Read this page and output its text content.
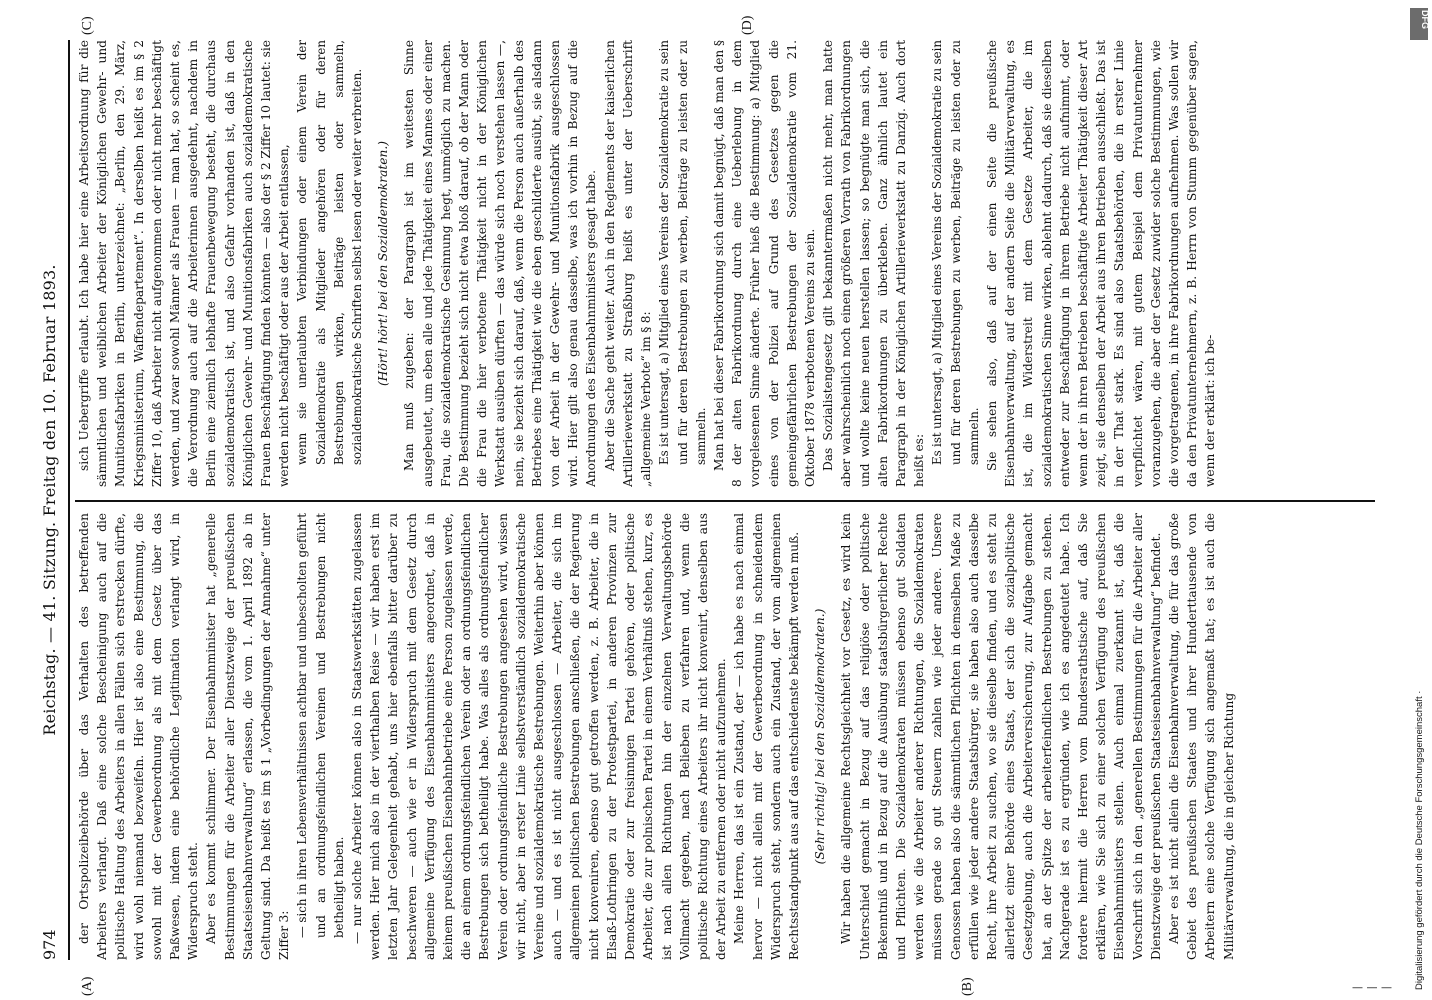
974
Reichstag. — 41. Sitzung. Freitag den 10. Februar 1893.
(A)	(B)
(C)	(D)

der Ortspolizeibehörde über das Verhalten des betreffenden Arbeiters verlangt. Daß eine solche Bescheinigung auch auf die politische Haltung des Arbeiters in allen Fällen sich erstrecken dürfte, wird wohl niemand bezweifeln. Hier ist also eine Bestimmung, die sowohl mit der Gewerbeordnung als mit dem Gesetz über das Paßwesen, indem eine behördliche Legitimation verlangt wird, in Widerspruch steht. Aber es kommt schlimmer. Der Eisenbahnminister hat „generelle Bestimmungen für die Arbeiter aller Dienstzweige der preußischen Staatseisenbahnverwaltung“ erlassen, die vom 1. April 1892 ab in Geltung sind. Da heißt es im § 1 „Vorbedingungen der Annahme“ unter Ziffer 3: — sich in ihren Lebensverhältnissen achtbar und unbescholten geführt und an ordnungsfeindlichen Vereinen und Bestrebungen nicht betheiligt haben. — nur solche Arbeiter können also in Staatswerkstätten zugelassen werden. Hier mich also in der vierthalben Reise — wir haben erst im letzten Jahr Gelegenheit gehabt, uns hier ebenfalls bitter darüber zu beschweren — auch wie er in Widerspruch mit dem Gesetz durch allgemeine Verfügung des Eisenbahnministers angeordnet, daß in keinem preußischen Eisenbahnbetriebe eine Person zugelassen werde, die an einem ordnungsfeindlichen Verein oder an ordnungsfeindlichen Bestrebungen sich betheiligt habe. Was alles als ordnungsfeindlicher Verein oder ordnungsfeindliche Bestrebungen angesehen wird, wissen wir nicht, aber in erster Linie selbstverständlich sozialdemokratische Vereine und sozialdemokratische Bestrebungen. Weiterhin aber können auch — und es ist nicht ausgeschlossen — Arbeiter, die sich im allgemeinen politischen Bestrebungen anschließen, die der Regierung nicht konveniren, ebenso gut getroffen werden, z. B. Arbeiter, die in Elsaß-Lothringen zu der Protestpartei, in anderen Provinzen zur Demokratie oder zur freisinnigen Partei gehören, oder politische Arbeiter, die zur polnischen Partei in einem Verhältniß stehen, kurz, es ist nach allen Richtungen hin der einzelnen Verwaltungsbehörde Vollmacht gegeben, nach Belieben zu verfahren und, wenn die politische Richtung eines Arbeiters ihr nicht konvenirt, denselben aus der Arbeit zu entfernen oder nicht aufzunehmen. Meine Herren, das ist ein Zustand, der — ich habe es nach einmal hervor — nicht allein mit der Gewerbeordnung in schneidendem Widerspruch steht, sondern auch ein Zustand, der vom allgemeinen Rechtsstandpunkt aus auf das entschiedenste bekämpft werden muß. (Sehr richtig! bei den Sozialdemokraten.) Wir haben die allgemeine Rechtsgleichheit vor Gesetz, es wird kein Unterschied gemacht in Bezug auf das religiöse oder politische Bekenntniß und in Bezug auf die Ausübung staatsbürgerlicher Rechte und Pflichten. Die Sozialdemokraten müssen ebenso gut Soldaten werden wie die Arbeiter anderer Richtungen, die Sozialdemokraten müssen gerade so gut Steuern zahlen wie jeder andere. Unsere Genossen haben also die sämmtlichen Pflichten in demselben Maße zu erfüllen wie jeder andere Staatsbürger, sie haben also auch dasselbe Recht, ihre Arbeit zu suchen, wo sie dieselbe finden, und es steht zu allerletzt einer Behörde eines Staats, der sich die sozialpolitische Gesetzgebung, auch die Arbeiterversicherung, zur Aufgabe gemacht hat, an der Spitze der arbeiterfeindlichen Bestrebungen zu stehen. Nachgerade ist es zu ergründen, wie ich es angedeutet habe. Ich fordere hiermit die Herren vom Bundesrathstische auf, daß Sie erklären, wie Sie sich zu einer solchen Verfügung des preußischen Eisenbahnministers stellen. Auch einmal zuerkannt ist, daß die Vorschrift sich in den „generellen Bestimmungen für die Arbeiter aller Dienstzweige der preußischen Staatseisenbahnverwaltung“ befindet. Aber es ist nicht allein die Eisenbahnverwaltung, die für das große Gebiet des preußischen Staates und ihrer Hunderttausende von Arbeitern eine solche Verfügung sich angemaßt hat; es ist auch die Militärverwaltung, die in gleicher Richtung

sich Uebergriffe erlaubt. Ich habe hier eine Arbeitsordnung für die sämmtlichen und weiblichen Arbeiter der Königlichen Gewehr- und Munitionsfabriken in Berlin, unterzeichnet: „Berlin, den 29. März, Kriegsministerium, Waffendepartement“. In derselben heißt es im § 2 Ziffer 10, daß Arbeiter nicht aufgenommen oder nicht mehr beschäftigt werden, und zwar sowohl Männer als Frauen — man hat, so scheint es, die Verordnung auch auf die Arbeiterinnen ausgedehnt, nachdem in Berlin eine ziemlich lebhafte Frauenbewegung besteht, die durchaus sozialdemokratisch ist, und also Gefahr vorhanden ist, daß in den Königlichen Gewehr- und Munitionsfabriken auch sozialdemokratische Frauen Beschäftigung finden könnten — also der § 2 Ziffer 10 lautet: sie werden nicht beschäftigt oder aus der Arbeit entlassen, wenn sie unerlaubten Verbindungen oder einem Verein der Sozialdemokratie als Mitglieder angehören oder für deren Bestrebungen wirken, Beiträge leisten oder sammeln, sozialdemokratische Schriften selbst lesen oder weiter verbreiten. (Hört! hört! bei den Sozialdemokraten.) Man muß zugeben: der Paragraph ist im weitesten Sinne ausgebeutet, um eben alle und jede Thätigkeit eines Mannes oder einer Frau, die sozialdemokratische Gesinnung hegt, unmöglich zu machen. Die Bestimmung bezieht sich nicht etwa bloß darauf, ob der Mann oder die Frau die hier verbotene Thätigkeit nicht in der Königlichen Werkstatt ausüben dürften — das würde sich noch verstehen lassen —, nein, sie bezieht sich darauf, daß, wenn die Person auch außerhalb des Betriebes eine Thätigkeit wie die eben geschilderte ausübt, sie alsdann von der Arbeit in der Gewehr- und Munitionsfabrik ausgeschlossen wird. Hier gilt also genau dasselbe, was ich vorhin in Bezug auf die Anordnungen des Eisenbahnministers gesagt habe. Aber die Sache geht weiter. Auch in den Reglements der kaiserlichen Artilleriewerkstatt zu Straßburg heißt es unter der Ueberschrift „allgemeine Verbote“ im § 8: Es ist untersagt, a) Mitglied eines Vereins der Sozialdemokratie zu sein und für deren Bestrebungen zu werben, Beiträge zu leisten oder zu sammeln. Man hat bei dieser Fabrikordnung sich damit begnügt, daß man den § 8 der alten Fabrikordnung durch eine Ueberlebung in dem vorgelesenen Sinne änderte. Früher hieß die Bestimmung: a) Mitglied eines von der Polizei auf Grund des Gesetzes gegen die gemeingefährlichen Bestrebungen der Sozialdemokratie vom 21. Oktober 1878 verbotenen Vereins zu sein. Das Sozialistengesetz gilt bekanntermaßen nicht mehr, man hatte aber wahrscheinlich noch einen größeren Vorrath von Fabrikordnungen und wollte keine neuen herstellen lassen; so begnügte man sich, die alten Fabrikordnungen zu überkleben. Ganz ähnlich lautet ein Paragraph in der Königlichen Artilleriewerkstatt zu Danzig. Auch dort heißt es: Es ist untersagt, a) Mitglied eines Vereins der Sozialdemokratie zu sein und für deren Bestrebungen zu werben, Beiträge zu leisten oder zu sammeln. Sie sehen also, daß auf der einen Seite die preußische Eisenbahnverwaltung, auf der andern Seite die Militärverwaltung, es ist, die im Widerstreit mit dem Gesetze Arbeiter, die im sozialdemokratischen Sinne wirken, ablehnt dadurch, daß sie dieselben entweder zur Beschäftigung in ihrem Betriebe nicht aufnimmt, oder wenn der in ihren Betrieben beschäftigte Arbeiter Thätigkeit dieser Art zeigt, sie denselben der Arbeit aus ihren Betrieben ausschließt. Das ist in der That stark. Es sind also Staatsbehörden, die in erster Linie verpflichtet wären, mit gutem Beispiel dem Privatunternehmer voranzugehen, die aber der Gesetz zuwider solche Bestimmungen, wie die vorgetragenen, in ihre Fabrikordnungen aufnehmen. Was sollen wir da den Privatunternehmern, z. B. Herrn von Stumm gegenüber sagen, wenn der erklärt: ich be-

DFG
Digitalisierung gefördert durch die Deutsche Forschungsgemeinschaft ·
— — —
